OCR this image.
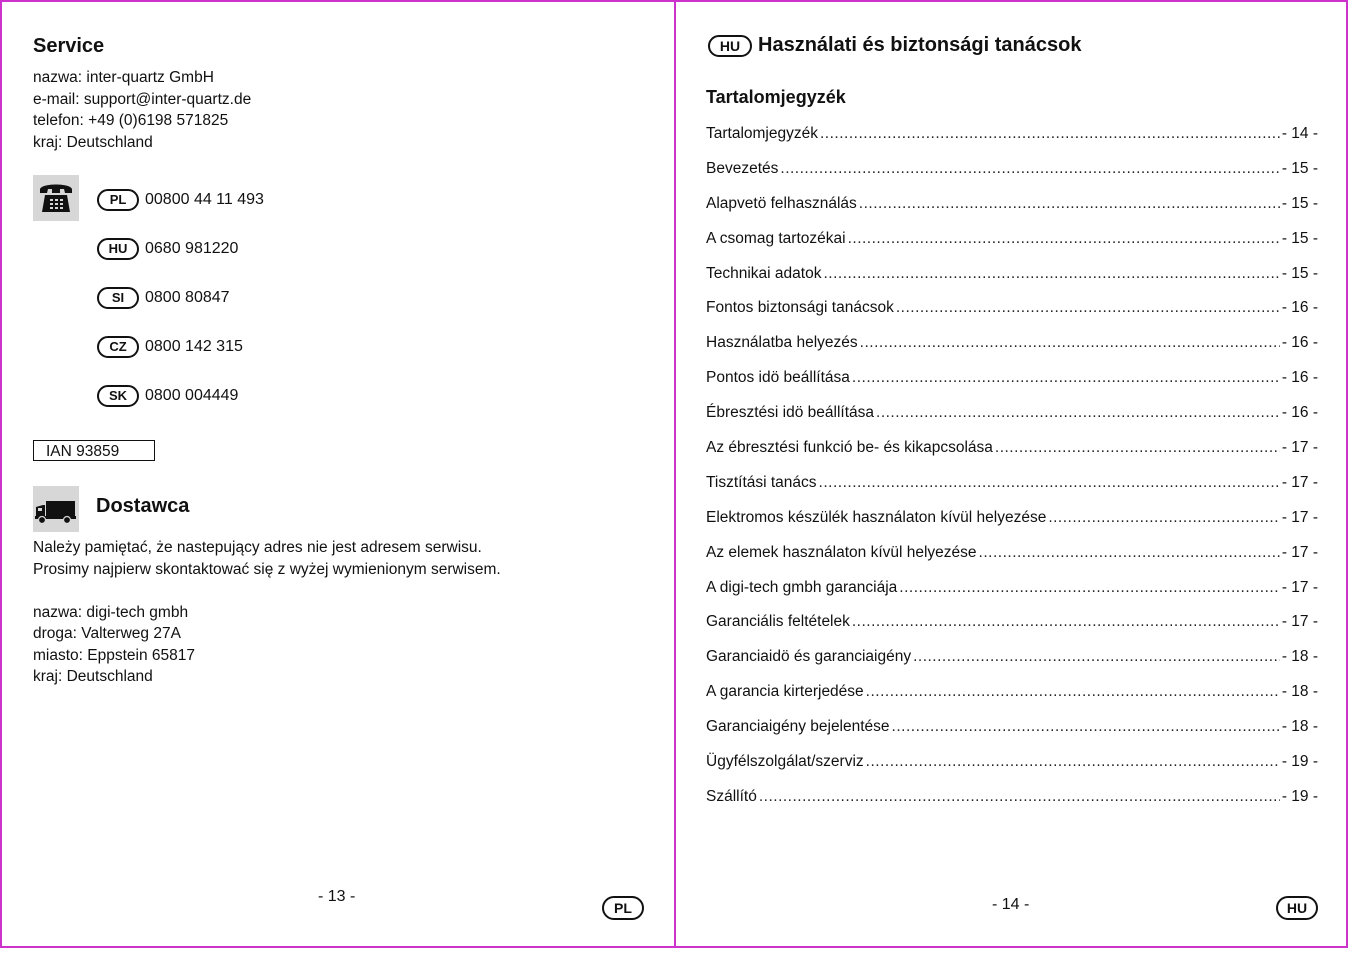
Service
nazwa: inter-quartz GmbH
e-mail: support@inter-quartz.de
telefon: +49 (0)6198 571825
kraj: Deutschland
PL	00800 44 11 493
HU	0680 981220
SI	0800 80847
CZ	0800 142 315
SK	0800 004449
IAN 93859
Dostawca
Należy pamiętać, że nastepujący adres nie jest adresem serwisu.
Prosimy najpierw skontaktować się z wyżej wymienionym serwisem.
nazwa: digi-tech gmbh
droga: Valterweg 27A
miasto: Eppstein 65817
kraj: Deutschland
- 13 -
PL
HU Használati és biztonsági tanácsok
Tartalomjegyzék
Tartalomjegyzék .....	- 14 -
Bevezetés .....	- 15 -
Alapvetö felhasználás .....	- 15 -
A csomag tartozékai .....	- 15 -
Technikai adatok .....	- 15 -
Fontos biztonsági tanácsok .....	- 16 -
Használatba helyezés .....	- 16 -
Pontos idö beállítása .....	- 16 -
Ébresztési idö beállítása .....	- 16 -
Az ébresztési funkció be- és kikapcsolása .....	- 17 -
Tisztítási tanács .....	- 17 -
Elektromos készülék használaton kívül helyezése .....	- 17 -
Az elemek használaton kívül helyezése .....	- 17 -
A digi-tech gmbh garanciája .....	- 17 -
Garanciális feltételek .....	- 17 -
Garanciaidö és garanciaigény .....	- 18 -
A garancia kirterjedése .....	- 18 -
Garanciaigény bejelentése .....	- 18 -
Ügyfélszolgálat/szerviz .....	- 19 -
Szállító .....	- 19 -
- 14 -	HU
